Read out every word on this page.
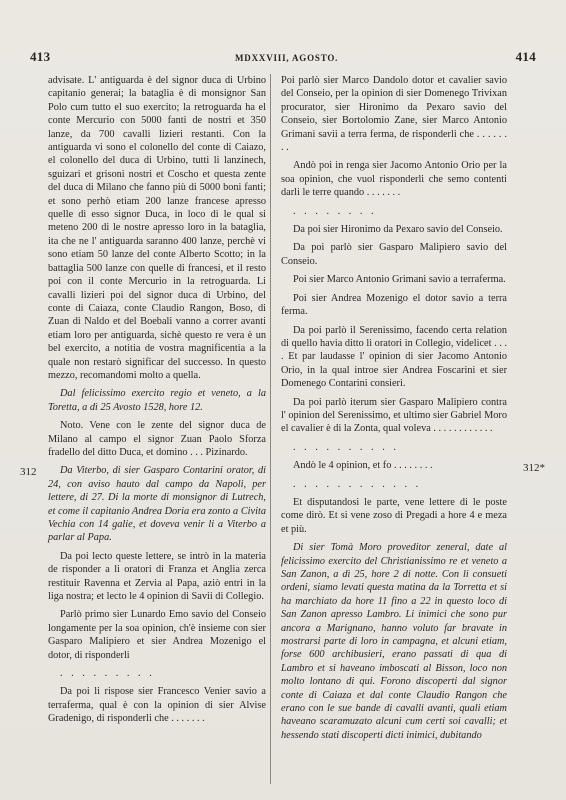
413	MDXXVIII, AGOSTO.	414
312	312*

advisate. L' antiguarda è del signor duca di Urbino capitanio generai; la bataglia è di monsignor San Polo cum tutto el suo exercito; la retroguarda ha el conte Mercurio con 5000 fanti de nostri et 350 lanze, da 700 cavalli lizieri restanti. Con la antiguarda vi sono el colonello del conte di Caiazo, el colonello del duca di Urbino, tutti li lanzinech, sguizari et grisoni nostri et Coscho et questa zente del duca di Milano che fanno più di 5000 boni fanti; et sono perhò etiam 200 lanze francese apresso quelle di esso signor Duca, in loco di le qual si meteno 200 di le nostre apresso loro in la bataglia, ita che ne l' antiguarda saranno 400 lanze, perchè vi sono etiam 50 lanze del conte Alberto Scotto; in la battaglia 500 lanze con quelle di francesi, et il resto poi con il conte Mercurio in la retroguarda. Li cavalli lizieri poi del signor duca di Urbino, del conte di Caiaza, conte Claudio Rangon, Boso, di Zuan di Naldo et del Boebali vanno a correr avanti etiam loro per antiguarda, sichè questo re vera è un bel exercito, a notitia de vostra magnificentia a la quale non restarò significar del successo. In questo mezzo, recomandomi molto a quella.

Dal felicissimo exercito regio et veneto, a la Toretta, a dì 25 Avosto 1528, hore 12.

Noto. Vene con le zente del signor duca de Milano al campo el signor Zuan Paolo Sforza fradello del ditto Duca, et domino . . . Pizinardo.

Da Viterbo, di sier Gasparo Contarini orator, di 24, con aviso hauto dal campo da Napoli, per lettere, di 27. Di la morte di monsignor di Lutrech, et come il capitanio Andrea Doria era zonto a Civita Vechia con 14 galie, et doveva venir li a Viterbo a parlar al Papa.

Da poi lecto queste lettere, se intrò in la materia de risponder a li oratori di Franza et Anglia zerca restituir Ravenna et Zervia al Papa, aziò entri in la liga nostra; et lecto le 4 opinion di Savii di Collegio.

Parlò primo sier Lunardo Emo savio del Conseio longamente per la soa opinion, ch'è insieme con sier Gasparo Malipiero et sier Andrea Mozenigo el dotor, di risponderli

. . . . . . . . .

Da poi li rispose sier Francesco Venier savio a terraferma, qual è con la opinion di sier Alvise Gradenigo, di risponderli che . . . . . . .

Poi parlò sier Marco Dandolo dotor et cavalier savio del Conseio, per la opinion di sier Domenego Trivixan procurator, sier Hironimo da Pexaro savio del Conseio, sier Bortolomio Zane, sier Marco Antonio Grimani savii a terra ferma, de risponderli che . . . . . . . .

Andò poi in renga sier Jacomo Antonio Orio per la soa opinion, che vuol risponderli che semo contenti darli le terre quando . . . . . . .

. . . . . . . .

Da poi sier Hironimo da Pexaro savio del Conseio.

Da poi parlò sier Gasparo Malipiero savio del Conseio.

Poi sier Marco Antonio Grimani savio a terraferma.

Poi sier Andrea Mozenigo el dotor savio a terra ferma.

Da poi parlò il Serenissimo, facendo certa relation di quello havia ditto li oratori in Collegio, videlicet . . . . Et par laudasse l' opinion di sier Jacomo Antonio Orio, in la qual introe sier Andrea Foscarini et sier Domenego Contarini consieri.

Da poi parlò iterum sier Gasparo Malipiero contra l' opinion del Serenissimo, et ultimo sier Gabriel Moro el cavalier è di la Zonta, qual voleva . . . . . . . . . . . .

. . . . . . . . . .

Andò le 4 opinion, et fo . . . . . . . .

. . . . . . . . . . . .

Et disputandosi le parte, vene lettere di le poste come dirò. Et si vene zoso di Pregadi a hore 4 e meza et più.

Di sier Tomà Moro proveditor zeneral, date al felicissimo exercito del Christianissimo re et veneto a San Zanon, a dì 25, hore 2 di notte. Con li consueti ordeni, siamo levati questa matina da la Torretta et si ha marchiato da hore 11 fino a 22 in questo loco di San Zanon apresso Lambro. Li inimici che sono pur ancora a Marignano, hanno voluto far bravate in mostrarsi parte di loro in campagna, et alcuni etiam, forse 600 archibusieri, erano passati di qua di Lambro et si haveano imboscati al Bisson, loco non molto lontano di qui. Forono discoperti dal signor conte di Caiaza et dal conte Claudio Rangon che erano con le sue bande di cavalli avanti, quali etiam haveano scaramuzato alcuni cum certi soi cavalli; et hessendo stati discoperti dicti inimici, dubitando
